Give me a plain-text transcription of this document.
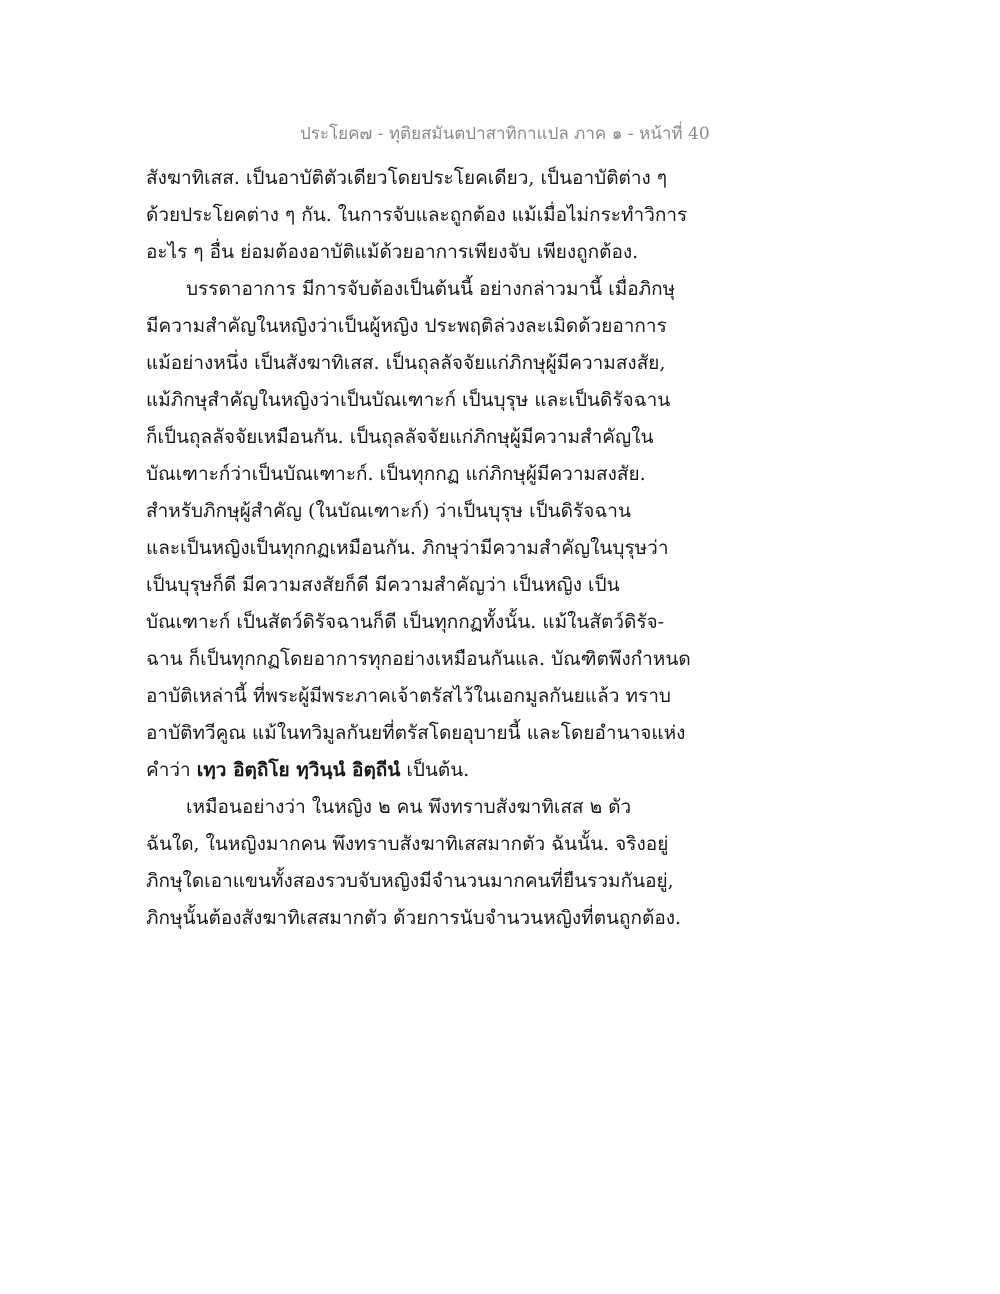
ประโยค๗ - ทุติยสมันตปาสาทิกาแปล ภาค ๑ - หน้าที่ 40
สังฆาทิเสส. เป็นอาบัติตัวเดียวโดยประโยคเดียว, เป็นอาบัติต่าง ๆ
ด้วยประโยคต่าง ๆ กัน. ในการจับและถูกต้อง แม้เมื่อไม่กระทำวิการ
อะไร ๆ อื่น ย่อมต้องอาบัติแม้ด้วยอาการเพียงจับ เพียงถูกต้อง.
บรรดาอาการ มีการจับต้องเป็นต้นนี้ อย่างกล่าวมานี้ เมื่อภิกษุ
มีความสำคัญในหญิงว่าเป็นผู้หญิง ประพฤติล่วงละเมิดด้วยอาการ
แม้อย่างหนึ่ง เป็นสังฆาทิเสส. เป็นถุลลัจจัยแก่ภิกษุผู้มีความสงสัย,
แม้ภิกษุสำคัญในหญิงว่าเป็นบัณเฑาะก์ เป็นบุรุษ และเป็นดิรัจฉาน
ก็เป็นถุลลัจจัยเหมือนกัน. เป็นถุลลัจจัยแก่ภิกษุผู้มีความสำคัญใน
บัณเฑาะก์ว่าเป็นบัณเฑาะก์. เป็นทุกกฏ แก่ภิกษุผู้มีความสงสัย.
สำหรับภิกษุผู้สำคัญ (ในบัณเฑาะก์) ว่าเป็นบุรุษ เป็นดิรัจฉาน
และเป็นหญิงเป็นทุกกฏเหมือนกัน. ภิกษุว่ามีความสำคัญในบุรุษว่า
เป็นบุรุษก็ดี มีความสงสัยก็ดี มีความสำคัญว่า เป็นหญิง เป็น
บัณเฑาะก์ เป็นสัตว์ดิรัจฉานก็ดี เป็นทุกกฏทั้งนั้น. แม้ในสัตว์ดิรัจ-
ฉาน ก็เป็นทุกกฏโดยอาการทุกอย่างเหมือนกันแล. บัณฑิตพึงกำหนด
อาบัติเหล่านี้ ที่พระผู้มีพระภาคเจ้าตรัสไว้ในเอกมูลกันยแล้ว ทราบ
อาบัติทวีคูณ แม้ในทวิมูลกันยที่ตรัสโดยอุบายนี้ และโดยอำนาจแห่ง
คำว่า เทฺว อิตฺถิโย ทฺวินฺนํ อิตฺถีนํ เป็นต้น.
เหมือนอย่างว่า ในหญิง ๒ คน พึงทราบสังฆาทิเสส ๒ ตัว
ฉันใด, ในหญิงมากคน พึงทราบสังฆาทิเสสมากตัว ฉันนั้น. จริงอยู่
ภิกษุใดเอาแขนทั้งสองรวบจับหญิงมีจำนวนมากคนที่ยืนรวมกันอยู่,
ภิกษุนั้นต้องสังฆาทิเสสมากตัว ด้วยการนับจำนวนหญิงที่ตนถูกต้อง.
